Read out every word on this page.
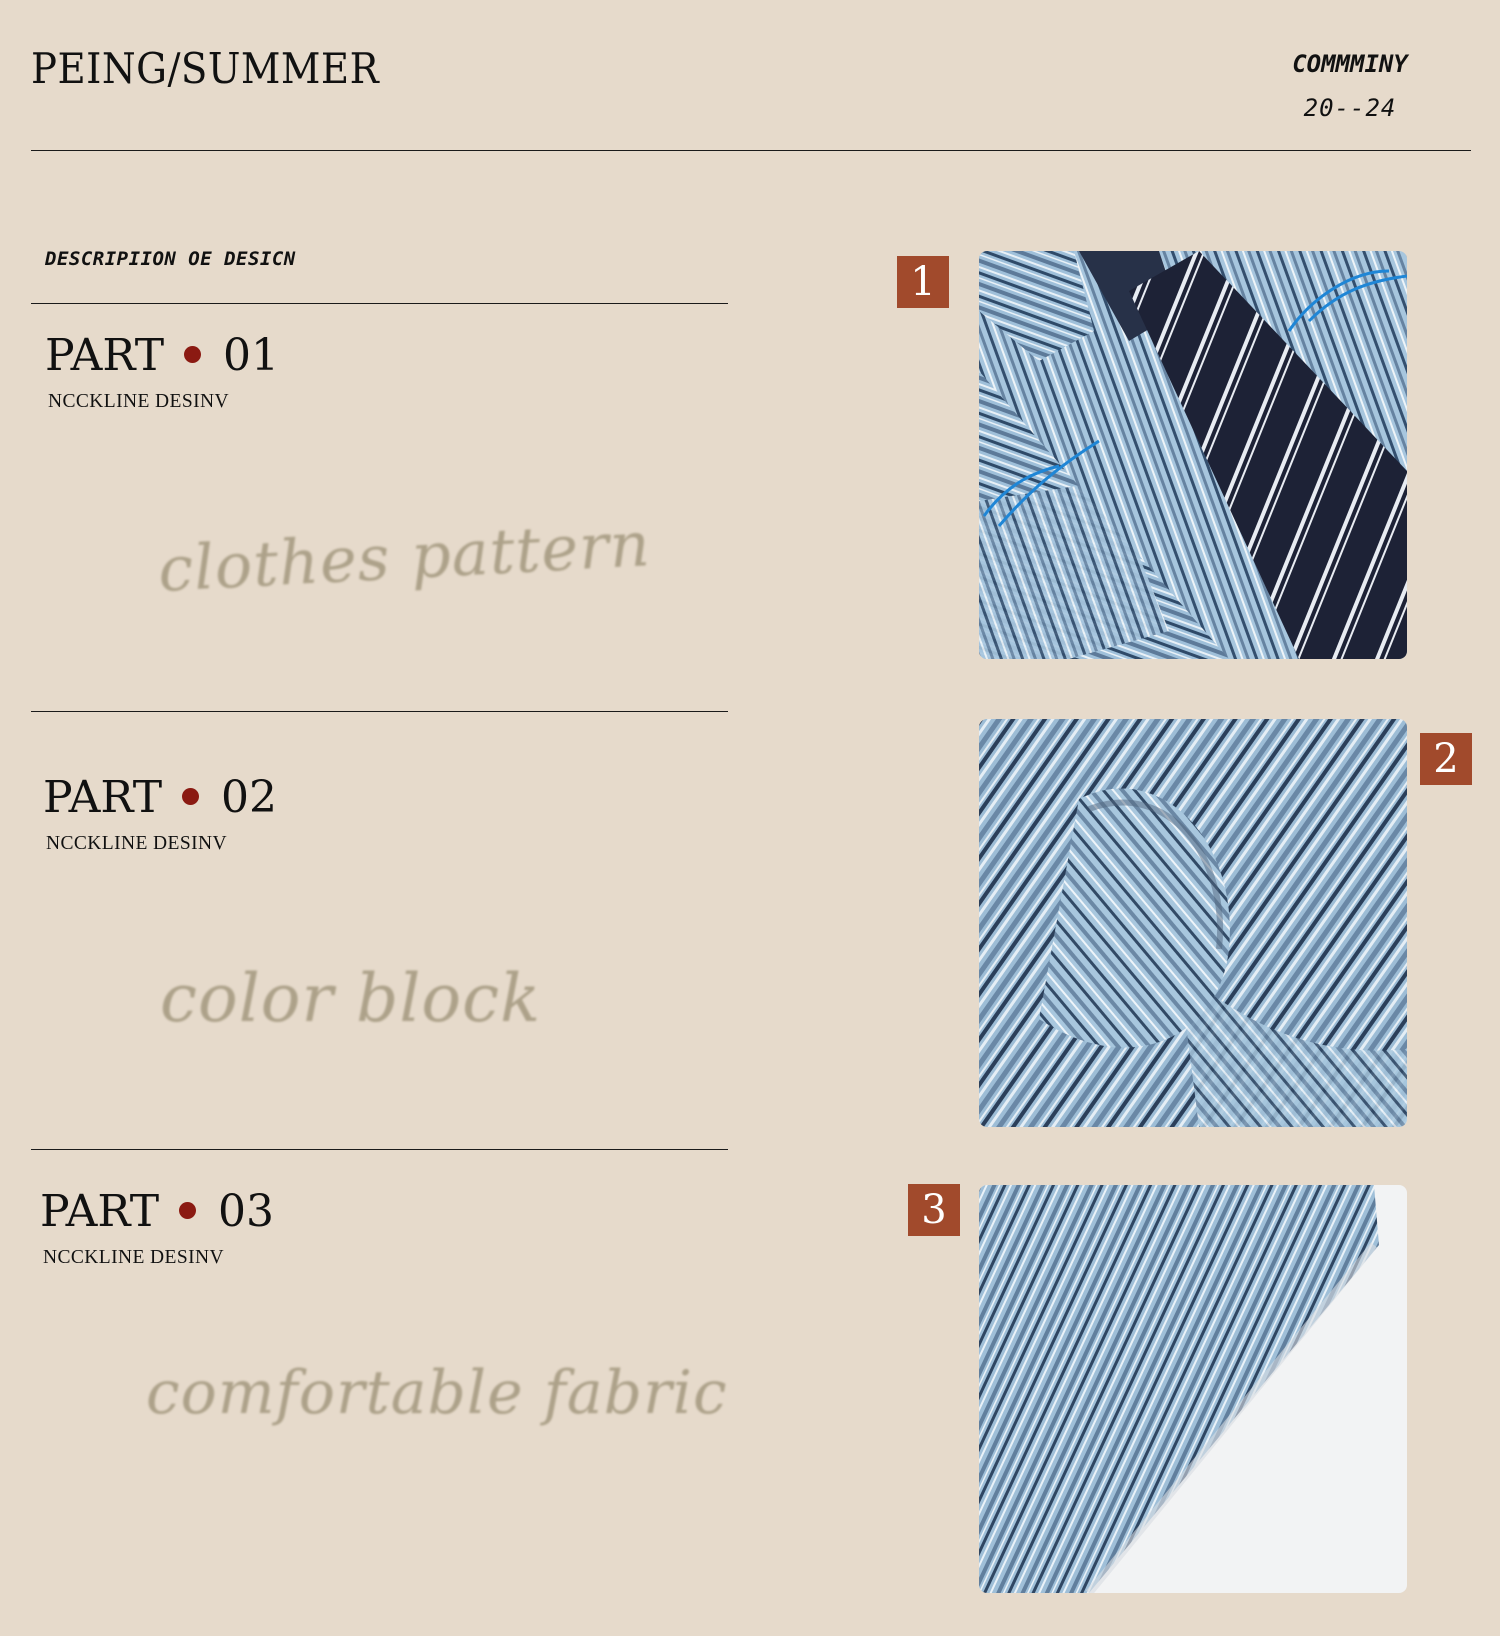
PEING/SUMMER	COMMMINY
20--24
DESCRIPIION OE DESICN
PART 01
NCCKLINE DESINV
clothes pattern
PART 02
NCCKLINE DESINV
color block
PART 03
NCCKLINE DESINV
comfortable fabric
1
2
3
